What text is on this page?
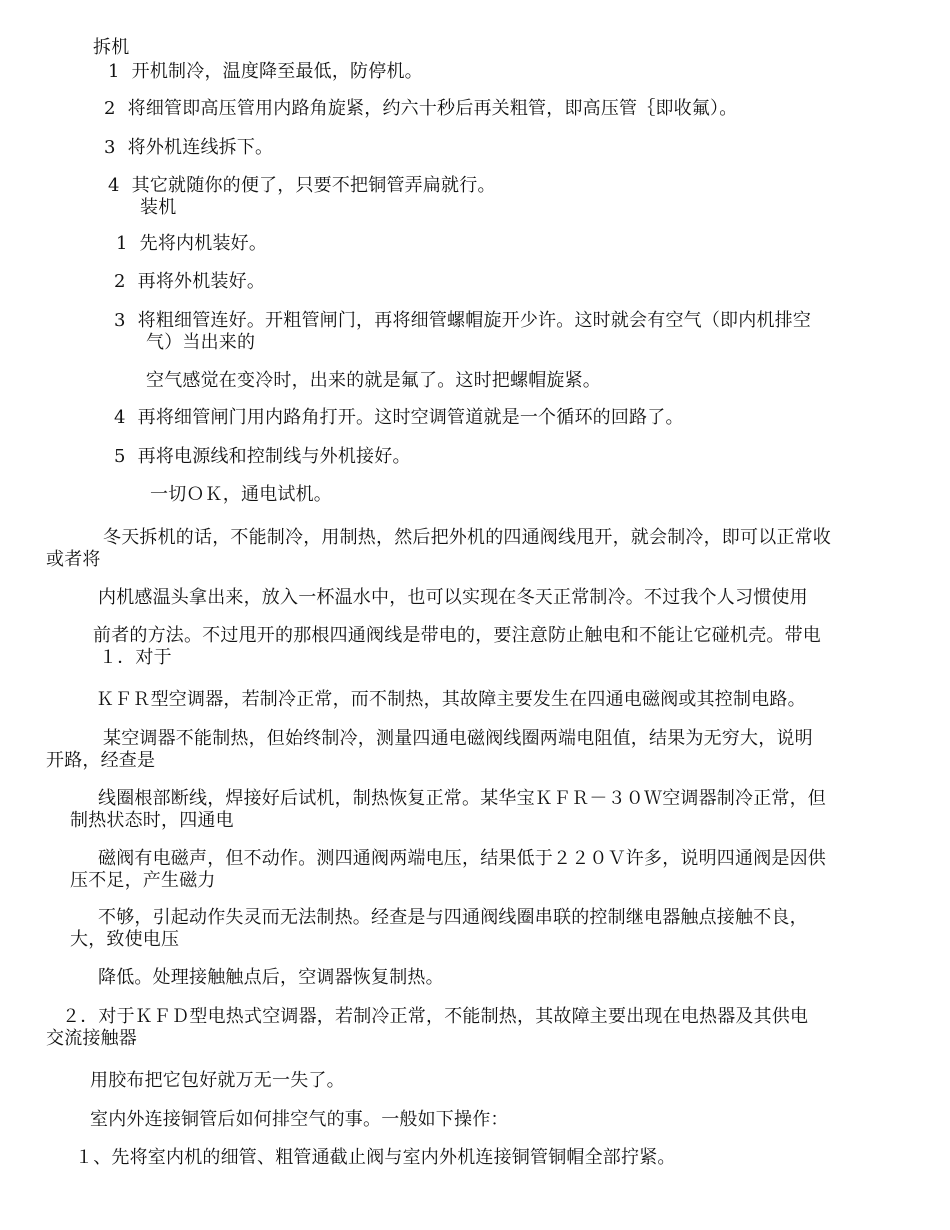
拆机
1 开机制冷，温度降至最低，防停机。
2 将细管即高压管用内路角旋紧，约六十秒后再关粗管，即高压管｛即收氟）。
3 将外机连线拆下。
4 其它就随你的便了，只要不把铜管弄扁就行。
装机
1 先将内机装好。
2 再将外机装好。
3 将粗细管连好。开粗管闸门，再将细管螺帽旋开少许。这时就会有空气（即内机排空
气）当出来的
空气感觉在变冷时，出来的就是氟了。这时把螺帽旋紧。
4 再将细管闸门用内路角打开。这时空调管道就是一个循环的回路了。
5 再将电源线和控制线与外机接好。
一切ＯＫ，通电试机。
冬天拆机的话，不能制冷，用制热，然后把外机的四通阀线甩开，就会制冷，即可以正常收
或者将
内机感温头拿出来，放入一杯温水中，也可以实现在冬天正常制冷。不过我个人习惯使用
前者的方法。不过甩开的那根四通阀线是带电的，要注意防止触电和不能让它碰机壳。带电
１．对于
ＫＦＲ型空调器，若制冷正常，而不制热，其故障主要发生在四通电磁阀或其控制电路。
某空调器不能制热，但始终制冷，测量四通电磁阀线圈两端电阻值，结果为无穷大，说明
开路，经查是
线圈根部断线，焊接好后试机，制热恢复正常。某华宝ＫＦＲ－３０Ｗ空调器制冷正常，但
制热状态时，四通电
磁阀有电磁声，但不动作。测四通阀两端电压，结果低于２２０Ｖ许多，说明四通阀是因供
压不足，产生磁力
不够，引起动作失灵而无法制热。经查是与四通阀线圈串联的控制继电器触点接触不良，
大，致使电压
降低。处理接触触点后，空调器恢复制热。
２．对于ＫＦＤ型电热式空调器，若制冷正常，不能制热，其故障主要出现在电热器及其供电
交流接触器
用胶布把它包好就万无一失了。
室内外连接铜管后如何排空气的事。一般如下操作：
１、先将室内机的细管、粗管通截止阀与室内外机连接铜管铜帽全部拧紧。
